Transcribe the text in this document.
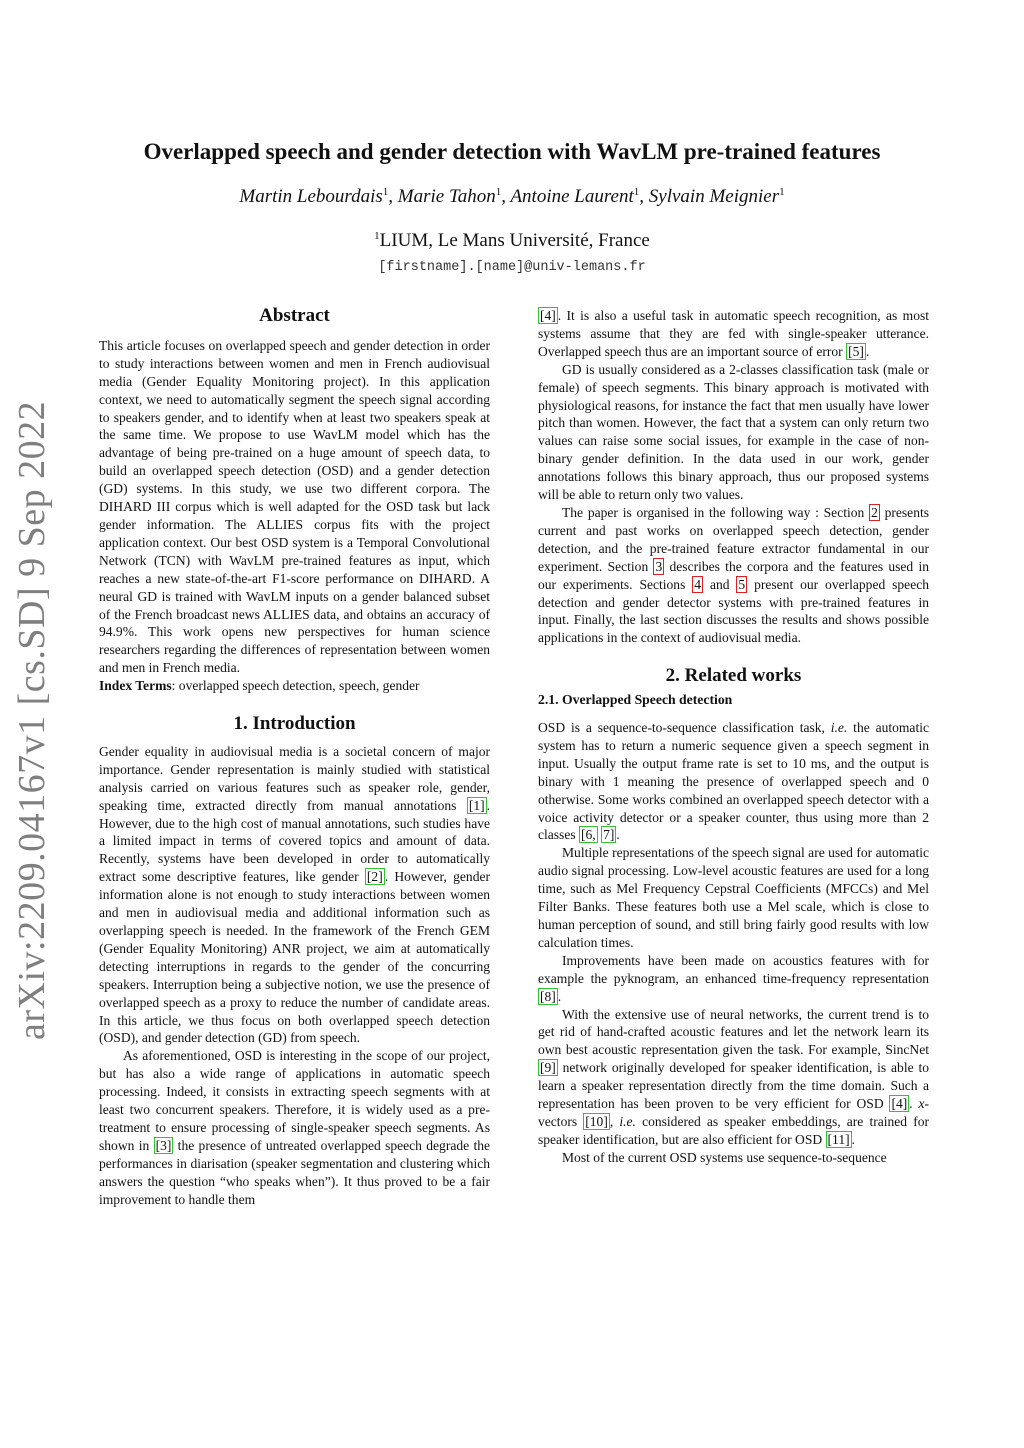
arXiv:2209.04167v1 [cs.SD] 9 Sep 2022
Overlapped speech and gender detection with WavLM pre-trained features
Martin Lebourdais$^1$, Marie Tahon$^1$, Antoine Laurent$^1$, Sylvain Meignier$^1$
$^1$LIUM, Le Mans Université, France
[firstname].[name]@univ-lemans.fr
Abstract

This article focuses on overlapped speech and gender detection in order to study interactions between women and men in French audiovisual media (Gender Equality Monitoring project). In this application context, we need to automatically segment the speech signal according to speakers gender, and to identify when at least two speakers speak at the same time. We propose to use WavLM model which has the advantage of being pre-trained on a huge amount of speech data, to build an overlapped speech detection (OSD) and a gender detection (GD) systems. In this study, we use two different corpora. The DIHARD III corpus which is well adapted for the OSD task but lack gender information. The ALLIES corpus fits with the project application context. Our best OSD system is a Temporal Convolutional Network (TCN) with WavLM pre-trained features as input, which reaches a new state-of-the-art F1-score performance on DIHARD. A neural GD is trained with WavLM inputs on a gender balanced subset of the French broadcast news ALLIES data, and obtains an accuracy of 94.9%. This work opens new perspectives for human science researchers regarding the differences of representation between women and men in French media.

Index Terms: overlapped speech detection, speech, gender

1. Introduction

Gender equality in audiovisual media is a societal concern of major importance. Gender representation is mainly studied with statistical analysis carried on various features such as speaker role, gender, speaking time, extracted directly from manual annotations [1] . However, due to the high cost of manual annotations, such studies have a limited impact in terms of covered topics and amount of data. Recently, systems have been developed in order to automatically extract some descriptive features, like gender [2] . However, gender information alone is not enough to study interactions between women and men in audiovisual media and additional information such as overlapping speech is needed. In the framework of the French GEM (Gender Equality Monitoring) ANR project, we aim at automatically detecting interruptions in regards to the gender of the concurring speakers. Interruption being a subjective notion, we use the presence of overlapped speech as a proxy to reduce the number of candidate areas. In this article, we thus focus on both overlapped speech detection (OSD), and gender detection (GD) from speech.

As aforementioned, OSD is interesting in the scope of our project, but has also a wide range of applications in automatic speech processing. Indeed, it consists in extracting speech segments with at least two concurrent speakers. Therefore, it is widely used as a pre-treatment to ensure processing of single-speaker speech segments. As shown in [3] the presence of untreated overlapped speech degrade the performances in diarisation (speaker segmentation and clustering which answers the question “who speaks when”). It thus proved to be a fair improvement to handle them

[4] . It is also a useful task in automatic speech recognition, as most systems assume that they are fed with single-speaker utterance. Overlapped speech thus are an important source of error [5] .

GD is usually considered as a 2-classes classification task (male or female) of speech segments. This binary approach is motivated with physiological reasons, for instance the fact that men usually have lower pitch than women. However, the fact that a system can only return two values can raise some social issues, for example in the case of non-binary gender definition. In the data used in our work, gender annotations follows this binary approach, thus our proposed systems will be able to return only two values.

The paper is organised in the following way : Section 2 presents current and past works on overlapped speech detection, gender detection, and the pre-trained feature extractor fundamental in our experiment. Section 3 describes the corpora and the features used in our experiments. Sections 4 and 5 present our overlapped speech detection and gender detector systems with pre-trained features in input. Finally, the last section discusses the results and shows possible applications in the context of audiovisual media.

2. Related works
2.1. Overlapped Speech detection

OSD is a sequence-to-sequence classification task, i.e. the automatic system has to return a numeric sequence given a speech segment in input. Usually the output frame rate is set to 10 ms, and the output is binary with 1 meaning the presence of overlapped speech and 0 otherwise. Some works combined an overlapped speech detector with a voice activity detector or a speaker counter, thus using more than 2 classes [6, 7] .

Multiple representations of the speech signal are used for automatic audio signal processing. Low-level acoustic features are used for a long time, such as Mel Frequency Cepstral Coefficients (MFCCs) and Mel Filter Banks. These features both use a Mel scale, which is close to human perception of sound, and still bring fairly good results with low calculation times.

Improvements have been made on acoustics features with for example the pyknogram, an enhanced time-frequency representation [8] .

With the extensive use of neural networks, the current trend is to get rid of hand-crafted acoustic features and let the network learn its own best acoustic representation given the task. For example, SincNet [9] network originally developed for speaker identification, is able to learn a speaker representation directly from the time domain. Such a representation has been proven to be very efficient for OSD [4] . x-vectors [10] , i.e. considered as speaker embeddings, are trained for speaker identification, but are also efficient for OSD [11] .

Most of the current OSD systems use sequence-to-sequence
